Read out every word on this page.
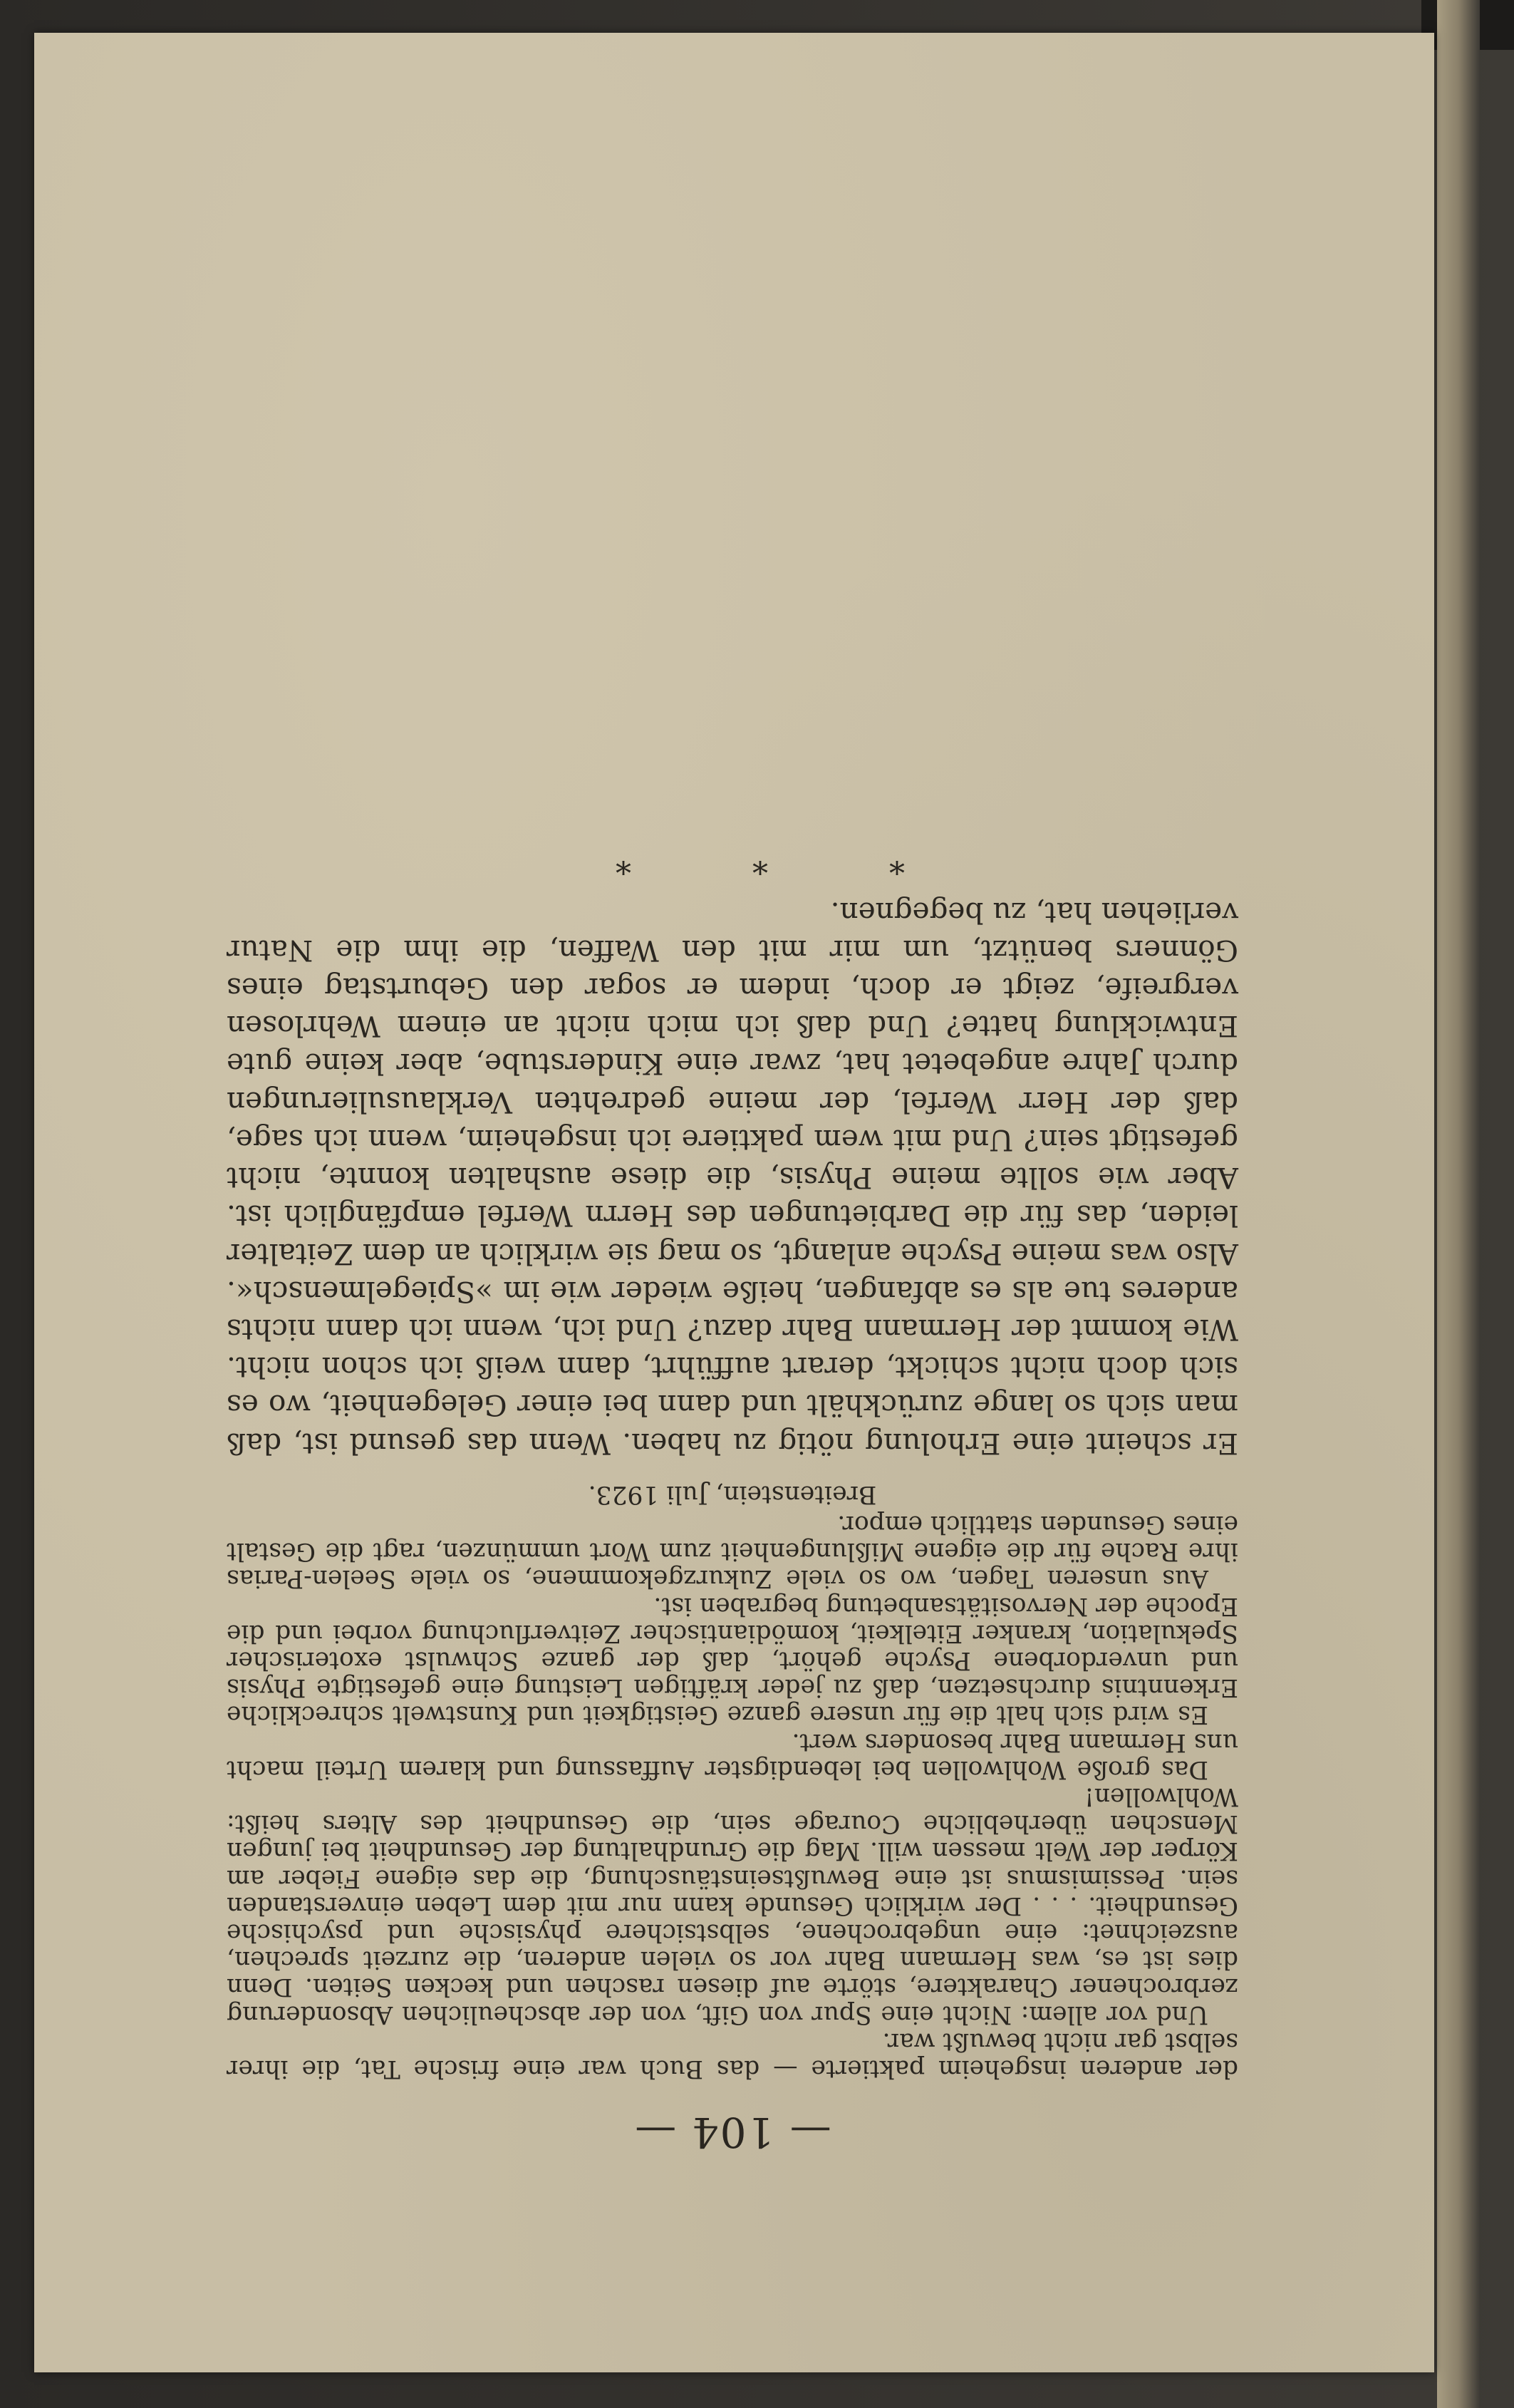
— 104 —

der anderen insgeheim paktierte — das Buch war eine frische Tat, die ihrer selbst gar nicht bewußt war.

Und vor allem: Nicht eine Spur von Gift, von der abscheulichen Absonderung zerbrochener Charaktere, störte auf diesen raschen und kecken Seiten. Denn dies ist es, was Hermann Bahr vor so vielen anderen, die zurzeit sprechen, auszeichnet: eine ungebrochene, selbstsichere physische und psychische Gesundheit. . . . Der wirklich Gesunde kann nur mit dem Leben einverstanden sein. Pessimismus ist eine Bewußtseinstäuschung, die das eigene Fieber am Körper der Welt messen will. Mag die Grundhaltung der Gesundheit bei jungen Menschen überhebliche Courage sein, die Gesundheit des Alters heißt: Wohlwollen!

Das große Wohlwollen bei lebendigster Auffassung und klarem Urteil macht uns Hermann Bahr besonders wert.

Es wird sich halt die für unsere ganze Geistigkeit und Kunstwelt schreckliche Erkenntnis durchsetzen, daß zu jeder kräftigen Leistung eine gefestigte Physis und unverdorbene Psyche gehört, daß der ganze Schwulst exoterischer Spekulation, kranker Eitelkeit, komödiantischer Zeitverfluchung vorbei und die Epoche der Nervositätsanbetung begraben ist.

Aus unseren Tagen, wo so viele Zukurzgekommene, so viele Seelen-Parias ihre Rache für die eigene Mißlungenheit zum Wort ummünzen, ragt die Gestalt eines Gesunden stattlich empor.

Breitenstein, Juli 1923.

Er scheint eine Erholung nötig zu haben. Wenn das gesund ist, daß man sich so lange zurückhält und dann bei einer Gelegenheit, wo es sich doch nicht schickt, derart aufführt, dann weiß ich schon nicht. Wie kommt der Hermann Bahr dazu? Und ich, wenn ich dann nichts anderes tue als es abfangen, heiße wieder wie im »Spiegelmensch«. Also was meine Psyche anlangt, so mag sie wirklich an dem Zeitalter leiden, das für die Darbietungen des Herrn Werfel empfänglich ist. Aber wie sollte meine Physis, die diese aushalten konnte, nicht gefestigt sein? Und mit wem paktiere ich insgeheim, wenn ich sage, daß der Herr Werfel, der meine gedrehten Verklausulierungen durch Jahre angebetet hat, zwar eine Kinderstube, aber keine gute Entwicklung hatte? Und daß ich mich nicht an einem Wehrlosen vergreife, zeigt er doch, indem er sogar den Geburtstag eines Gönners benützt, um mir mit den Waffen, die ihm die Natur verliehen hat, zu begegnen.

* * *
